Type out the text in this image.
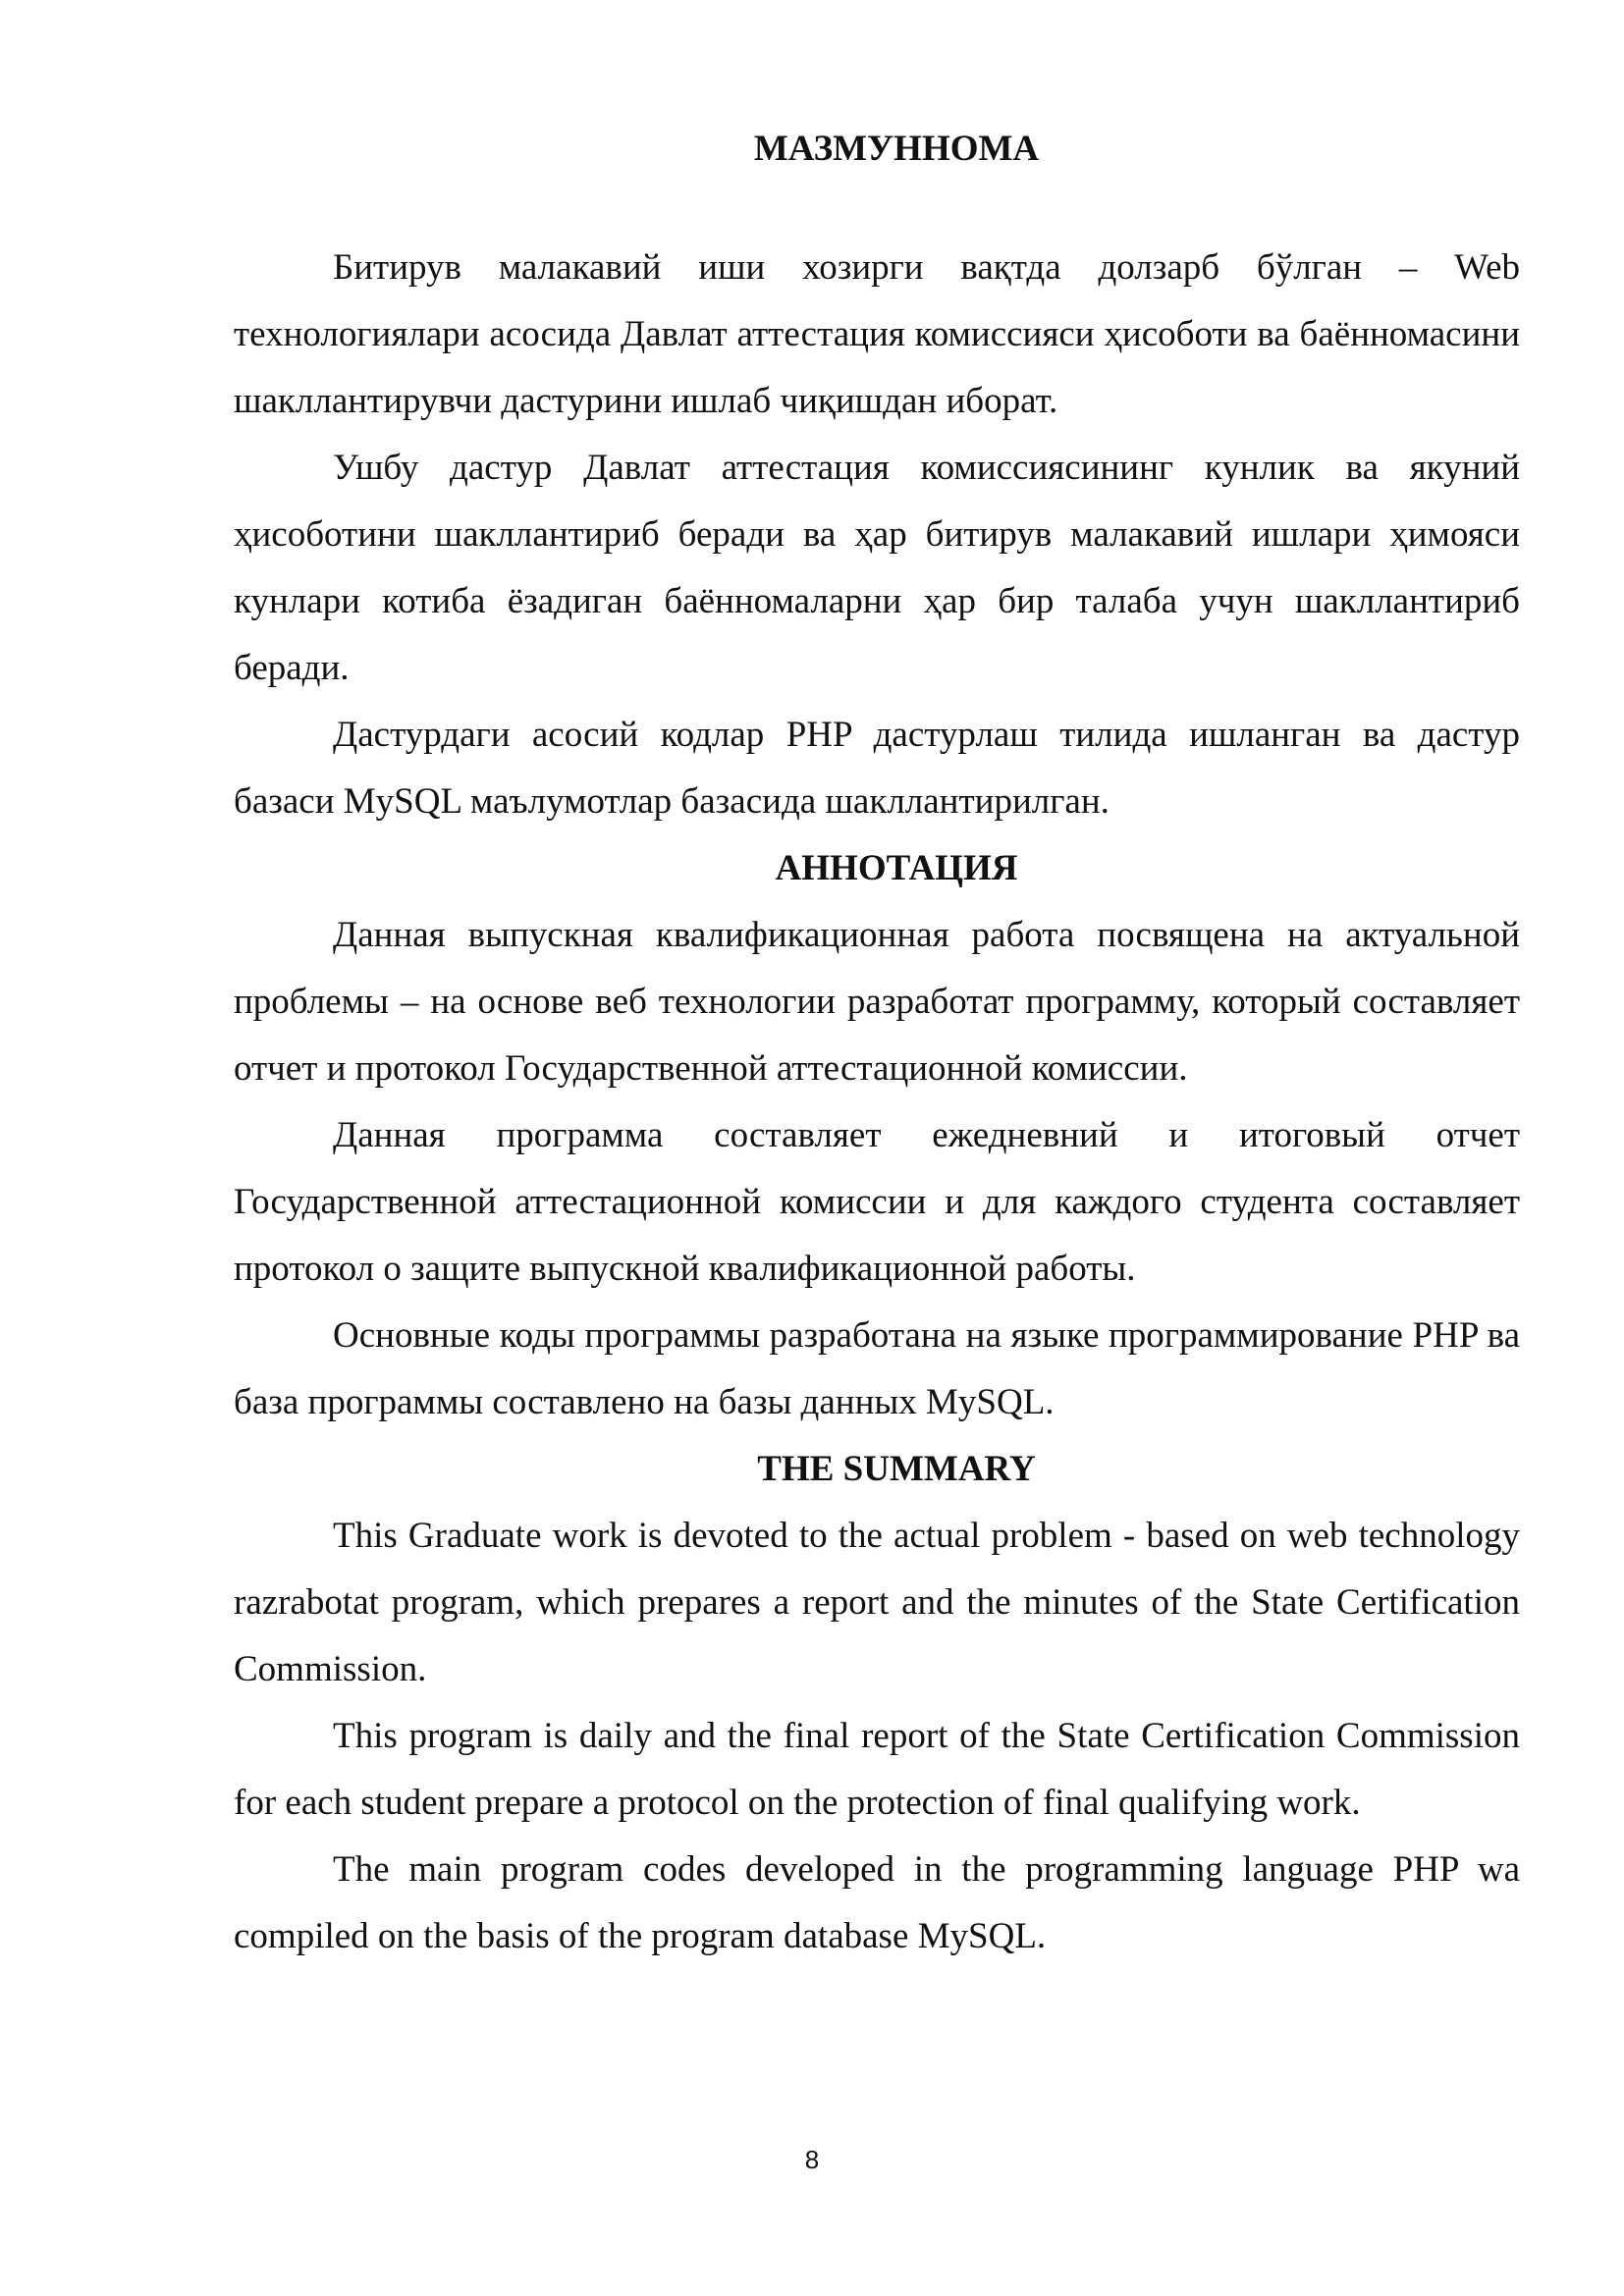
МАЗМУННОМА

Битирув малакавий иши хозирги вақтда долзарб бўлган – Web технологиялари асосида Давлат аттестация комиссияси ҳисоботи ва баённомасини шакллантирувчи дастурини ишлаб чиқишдан иборат.

Ушбу дастур Давлат аттестация комиссиясининг кунлик ва якуний ҳисоботини шакллантириб беради ва ҳар битирув малакавий ишлари ҳимояси кунлари котиба ёзадиган баённомаларни ҳар бир талаба учун шакллантириб беради.

Дастурдаги асосий кодлар PHP дастурлаш тилида ишланган ва дастур базаси MySQL маълумотлар базасида шакллантирилган.

АННОТАЦИЯ

Данная выпускная квалификационная работа посвящена на актуальной проблемы – на основе веб технологии разработат программу, который составляет отчет и протокол Государственной аттестационной комиссии.

Данная программа составляет ежедневний и итоговый отчет Государственной аттестационной комиссии и для каждого студента составляет протокол о защите выпускной квалификационной работы.

Основные коды программы разработана на языке программирование PHP ва база программы составлено на базы данных MySQL.

THE SUMMARY

This Graduate work is devoted to the actual problem - based on web technology razrabotat program, which prepares a report and the minutes of the State Certification Commission.

This program is daily and the final report of the State Certification Commission for each student prepare a protocol on the protection of final qualifying work.

The main program codes developed in the programming language PHP wa compiled on the basis of the program database MySQL.

8
